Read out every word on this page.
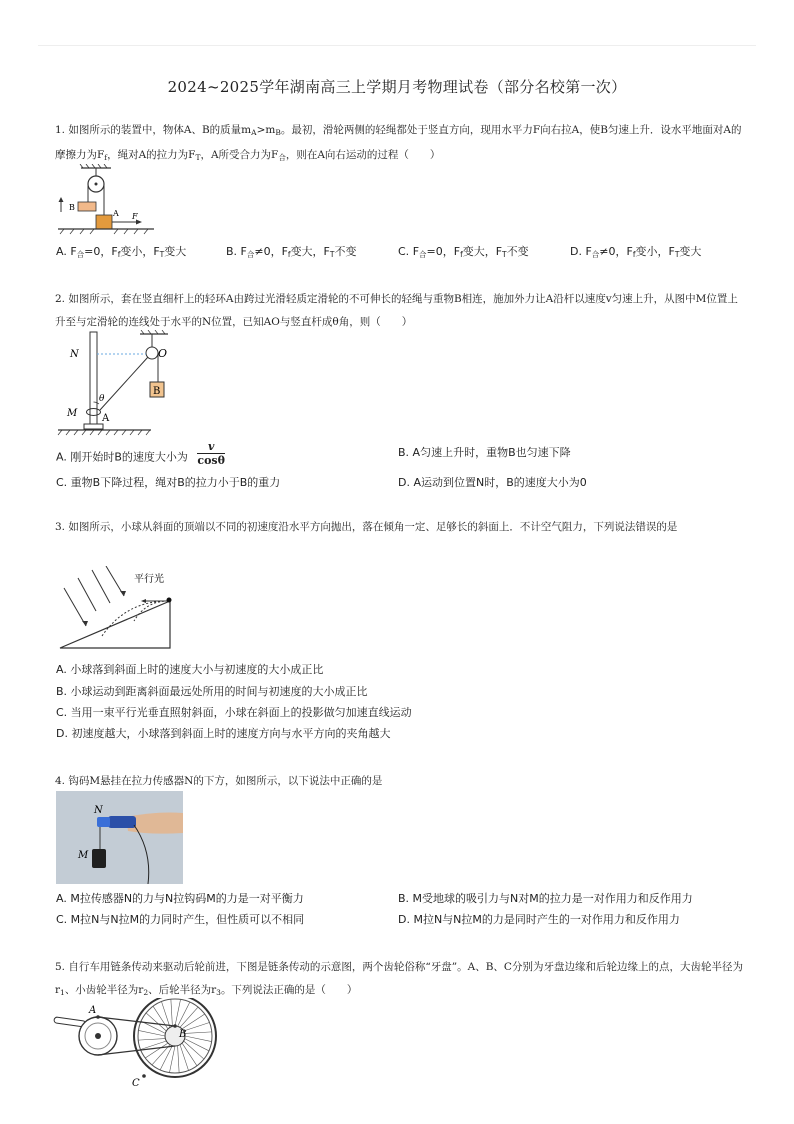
2024~2025学年湖南高三上学期月考物理试卷（部分名校第一次）
1. 如图所示的装置中，物体A、B的质量$m_A>m_B$。最初，滑轮两侧的轻绳都处于竖直方向，现用水平力F向右拉A，使B匀速上升．设水平地面对A的摩擦力为$F_f$，绳对A的拉力为$F_T$，A所受合力为$F_合$，则在A向右运动的过程（　　）
B
A F
A. $F_合=0$，$F_f$变小，$F_T$变大	B. $F_合\ne 0$，$F_f$变大，$F_T$不变	C. $F_合=0$，$F_f$变大，$F_T$不变	D. $F_合\ne 0$，$F_f$变小，$F_T$变大
2. 如图所示，套在竖直细杆上的轻环A由跨过光滑轻质定滑轮的不可伸长的轻绳与重物B相连，施加外力让A沿杆以速度v匀速上升，从图中M位置上升至与定滑轮的连线处于水平的N位置，已知AO与竖直杆成θ角，则（　　）
N	O
B
M A
θ
A. 刚开始时B的速度大小为 $\frac{v}{\cos\theta}$	B. A匀速上升时，重物B也匀速下降
C. 重物B下降过程，绳对B的拉力小于B的重力	D. A运动到位置N时，B的速度大小为0
3. 如图所示，小球从斜面的顶端以不同的初速度沿水平方向抛出，落在倾角一定、足够长的斜面上．不计空气阻力，下列说法错误的是
平行光
A. 小球落到斜面上时的速度大小与初速度的大小成正比
B. 小球运动到距离斜面最远处所用的时间与初速度的大小成正比
C. 当用一束平行光垂直照射斜面，小球在斜面上的投影做匀加速直线运动
D. 初速度越大，小球落到斜面上时的速度方向与水平方向的夹角越大
4. 钩码M悬挂在拉力传感器N的下方，如图所示，以下说法中正确的是
N
M
A. M拉传感器N的力与N拉钩码M的力是一对平衡力	B. M受地球的吸引力与N对M的拉力是一对作用力和反作用力
C. M拉N与N拉M的力同时产生，但性质可以不相同	D. M拉N与N拉M的力是同时产生的一对作用力和反作用力
5. 自行车用链条传动来驱动后轮前进，下图是链条传动的示意图，两个齿轮俗称“牙盘”。A、B、C分别为牙盘边缘和后轮边缘上的点，大齿轮半径为$r_1$、小齿轮半径为$r_2$、后轮半径为$r_3$。下列说法正确的是（　　）
A
B
C
